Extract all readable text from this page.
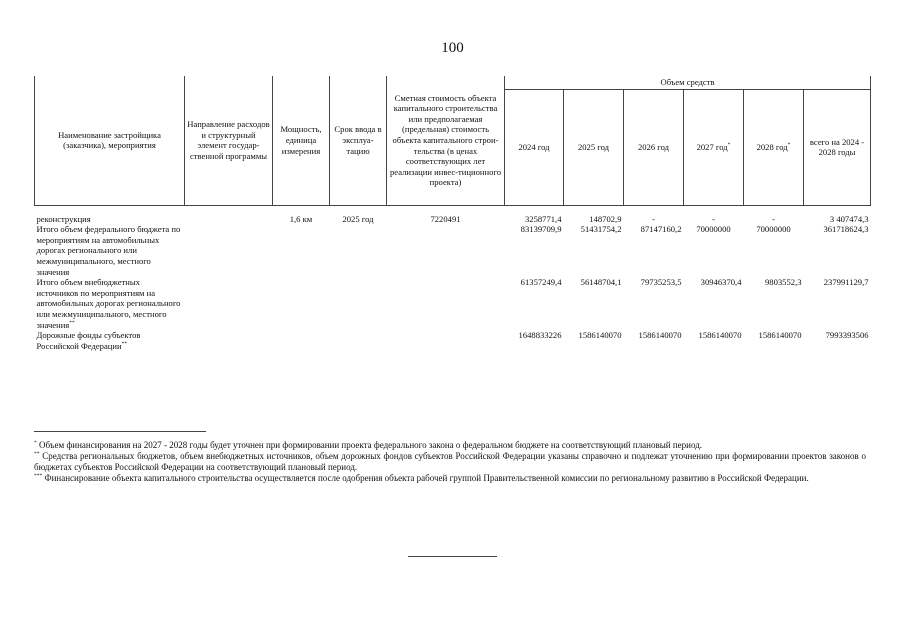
100
Наименование застройщика (заказчика), мероприятия	Направление расходов и структурный элемент государ-ственной программы	Мощность, единица измерения	Срок ввода в эксплуа-тацию	Сметная стоимость объекта капитального строительства или предполагаемая (предельная) стоимость объекта капитального строи-тельства (в ценах соответствующих лет реализации инвес-тиционного проекта)	Объем средств					
					2024 год	2025 год	2026 год	2027 год*	2028 год*	всего на 2024 - 2028 годы

реконструкция		1,6 км	2025 год	7220491	3258771,4	148702,9	-	-	-	3 407474,3
Итого объем федерального бюджета по мероприятиям на автомобильных дорогах регионального или межмуниципального, местного значения					83139709,9	51431754,2	87147160,2	70000000	70000000	361718624,3
Итого объем внебюджетных источников по мероприятиям на автомобильных дорогах регионального или межмуниципального, местного значения**					61357249,4	56148704,1	79735253,5	30946370,4	9803552,3	237991129,7
Дорожные фонды субъектов Российской Федерации**					1648833226	1586140070	1586140070	1586140070	1586140070	7993393506

* Объем финансирования на 2027 - 2028 годы будет уточнен при формировании проекта федерального закона о федеральном бюджете на соответствующий плановый период.

** Средства региональных бюджетов, объем внебюджетных источников, объем дорожных фондов субъектов Российской Федерации указаны справочно и подлежат уточнению при формировании проектов законов о бюджетах субъектов Российской Федерации на соответствующий плановый период.

*** Финансирование объекта капитального строительства осуществляется после одобрения объекта рабочей группой Правительственной комиссии по региональному развитию в Российской Федерации.
